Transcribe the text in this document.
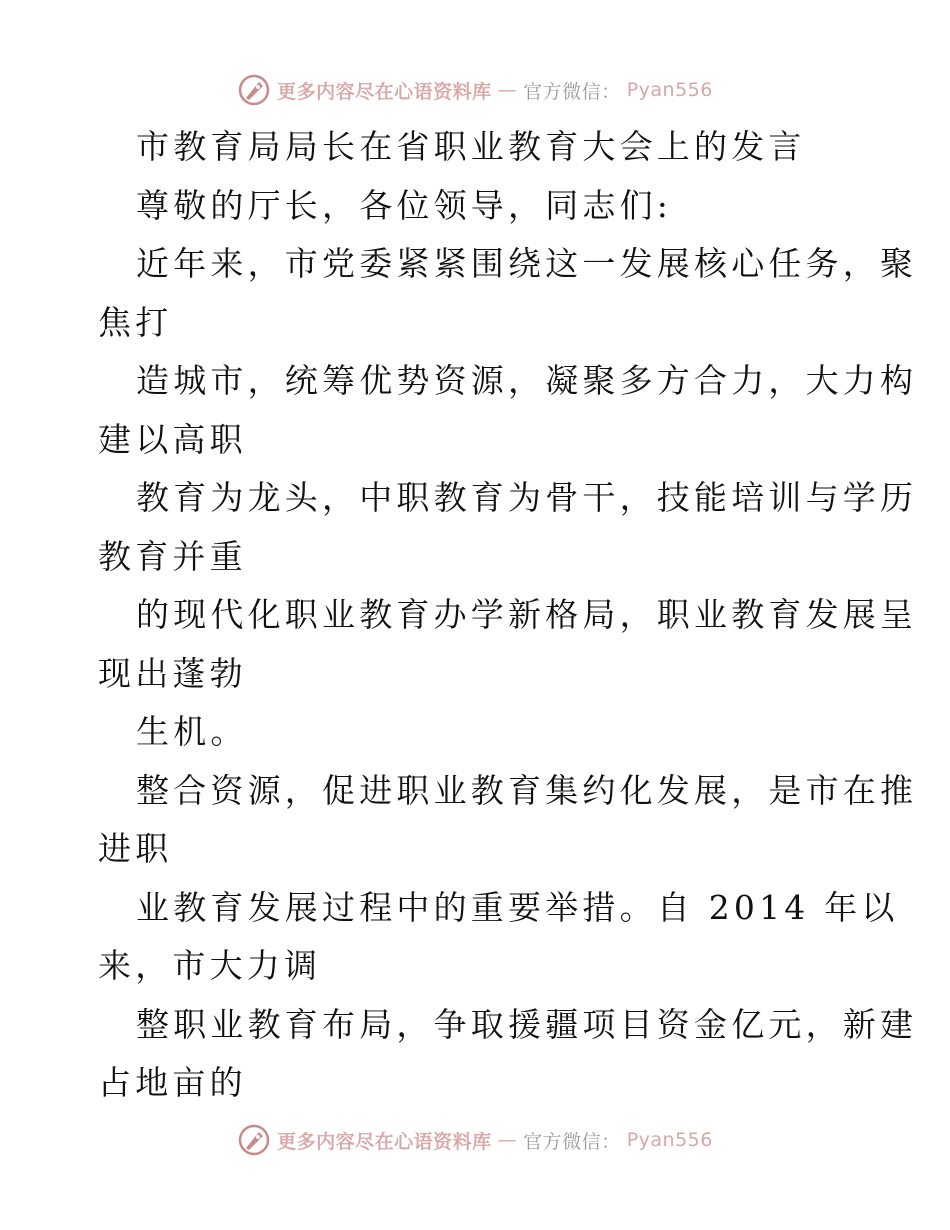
更多内容尽在心语资料库 — 官方微信： Pyan556
市教育局局长在省职业教育大会上的发言
尊敬的厅长，各位领导，同志们:
近年来，市党委紧紧围绕这一发展核心任务，聚
焦打
造城市，统筹优势资源，凝聚多方合力，大力构
建以高职
教育为龙头，中职教育为骨干，技能培训与学历
教育并重
的现代化职业教育办学新格局，职业教育发展呈
现出蓬勃
生机。
整合资源，促进职业教育集约化发展，是市在推
进职
业教育发展过程中的重要举措。自 2014 年以
来，市大力调
整职业教育布局，争取援疆项目资金亿元，新建
占地亩的
更多内容尽在心语资料库 — 官方微信： Pyan556
